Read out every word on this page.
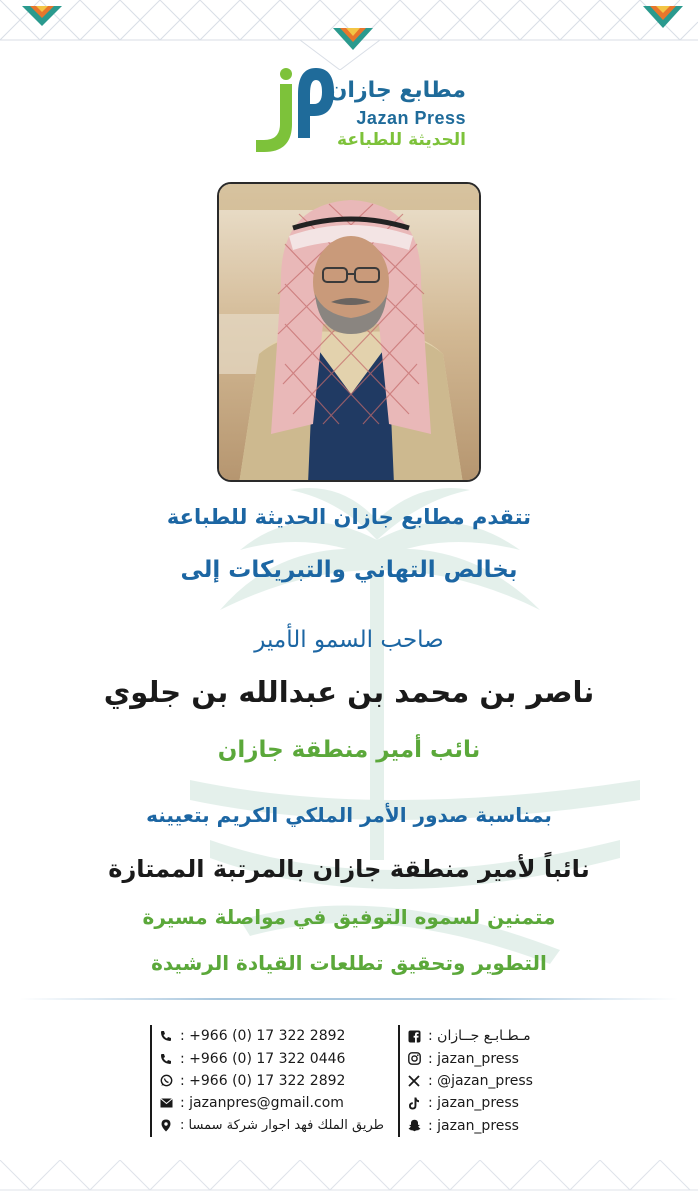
مطابع جازان
Jazan Press
الحديثة للطباعة
تتقدم مطابع جازان الحديثة للطباعة
بخالص التهاني والتبريكات إلى
صاحب السمو الأمير
ناصر بن محمد بن عبدالله بن جلوي
نائب أمير منطقة جازان
بمناسبة صدور الأمر الملكي الكريم بتعيينه
نائباً لأمير منطقة جازان بالمرتبة الممتازة
متمنين لسموه التوفيق في مواصلة مسيرة
التطوير وتحقيق تطلعات القيادة الرشيدة
: +966 (0) 17 322 2892
: +966 (0) 17 322 0446
: +966 (0) 17 322 2892
: jazanpres@gmail.com
طريق الملك فهد اجوار شركة سمسا :
: مـطـابـع جــازان
: jazan_press
: @jazan_press
: jazan_press
: jazan_press
